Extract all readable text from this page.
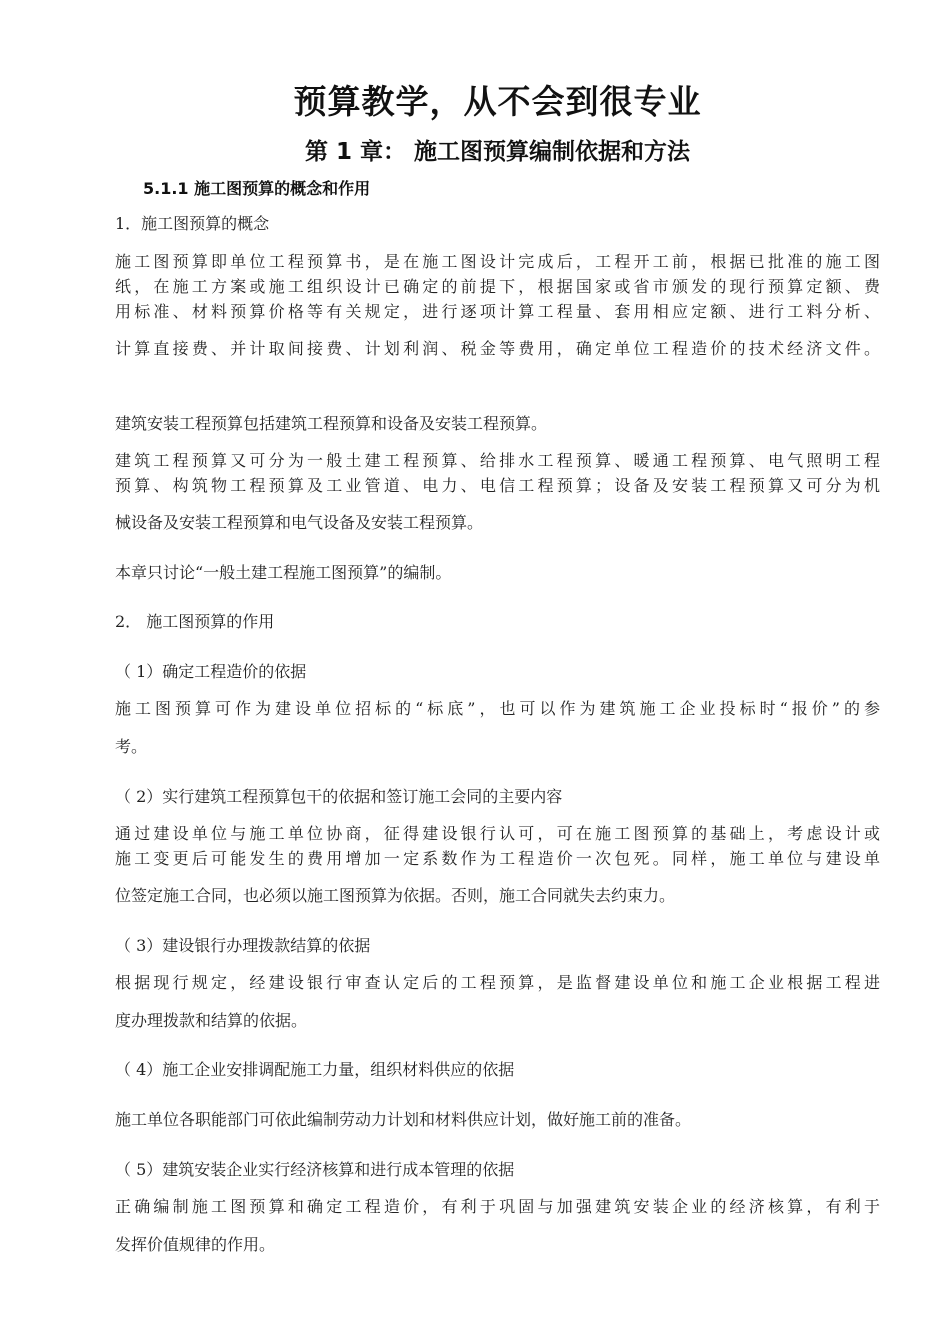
预算教学，从不会到很专业
第 1 章： 施工图预算编制依据和方法
5.1.1 施工图预算的概念和作用
1．施工图预算的概念
施工图预算即单位工程预算书，是在施工图设计完成后，工程开工前，根据已批准的施工图
纸，在施工方案或施工组织设计已确定的前提下，根据国家或省市颁发的现行预算定额、费
用标准、材料预算价格等有关规定，进行逐项计算工程量、套用相应定额、进行工料分析、
计算直接费、并计取间接费、计划利润、税金等费用，确定单位工程造价的技术经济文件。
建筑安装工程预算包括建筑工程预算和设备及安装工程预算。
建筑工程预算又可分为一般土建工程预算、给排水工程预算、暖通工程预算、电气照明工程
预算、构筑物工程预算及工业管道、电力、电信工程预算；设备及安装工程预算又可分为机
械设备及安装工程预算和电气设备及安装工程预算。
本章只讨论“一般土建工程施工图预算”的编制。
2． 施工图预算的作用
（ 1）确定工程造价的依据
施工图预算可作为建设单位招标的“标底”，也可以作为建筑施工企业投标时“报价”的参
考。
（ 2）实行建筑工程预算包干的依据和签订施工会同的主要内容
通过建设单位与施工单位协商，征得建设银行认可，可在施工图预算的基础上，考虑设计或
施工变更后可能发生的费用增加一定系数作为工程造价一次包死。同样，施工单位与建设单
位签定施工合同，也必须以施工图预算为依据。否则，施工合同就失去约束力。
（ 3）建设银行办理拨款结算的依据
根据现行规定，经建设银行审查认定后的工程预算，是监督建设单位和施工企业根据工程进
度办理拨款和结算的依据。
（ 4）施工企业安排调配施工力量，组织材料供应的依据
施工单位各职能部门可依此编制劳动力计划和材料供应计划，做好施工前的准备。
（ 5）建筑安装企业实行经济核算和进行成本管理的依据
正确编制施工图预算和确定工程造价，有利于巩固与加强建筑安装企业的经济核算，有利于
发挥价值规律的作用。
